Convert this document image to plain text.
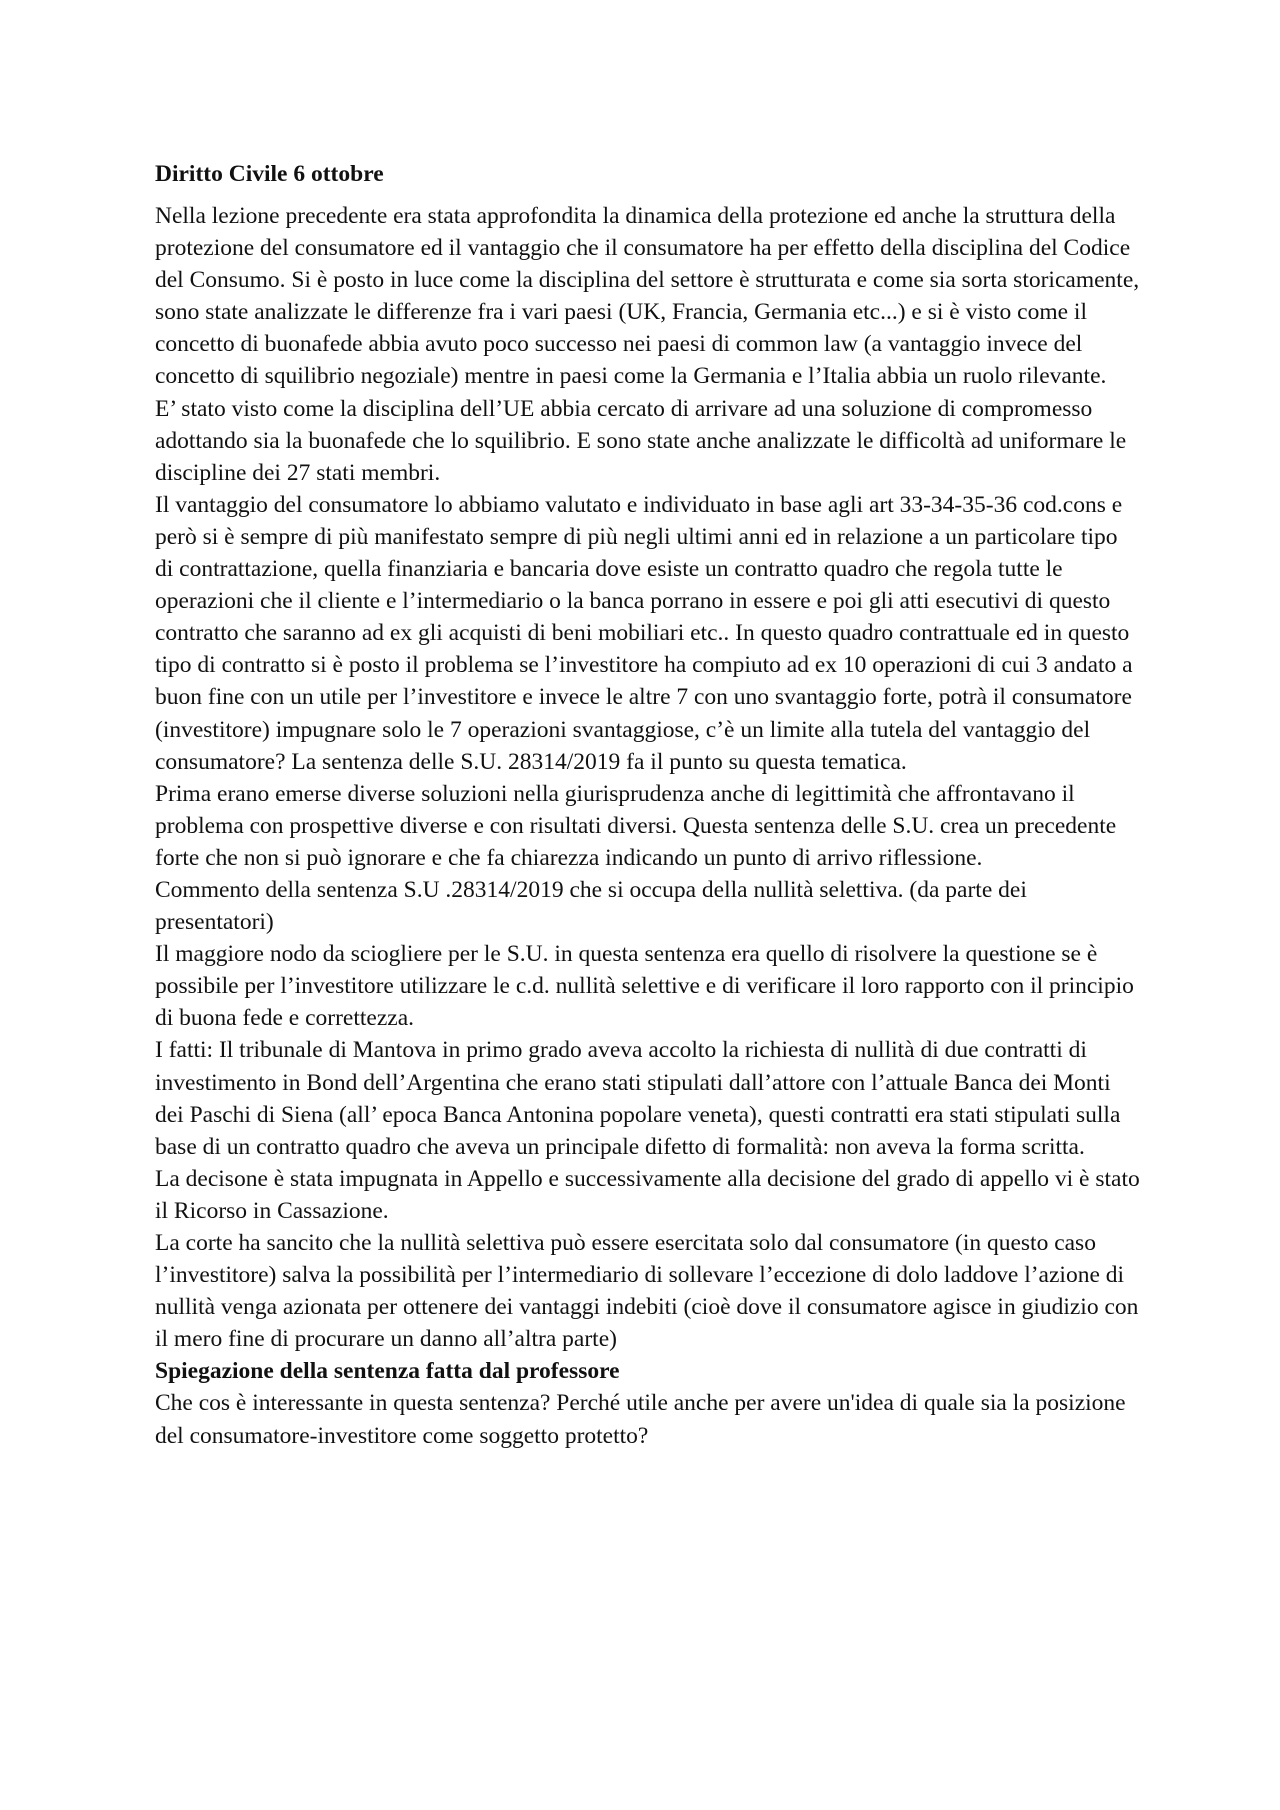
Diritto Civile 6 ottobre

Nella lezione precedente era stata approfondita la dinamica della protezione ed anche la struttura della protezione del consumatore ed il vantaggio che il consumatore ha per effetto della disciplina del Codice del Consumo. Si è posto in luce come la disciplina del settore è strutturata e come sia sorta storicamente, sono state analizzate le differenze fra i vari paesi (UK, Francia, Germania etc...) e si è visto come il concetto di buonafede abbia avuto poco successo nei paesi di common law (a vantaggio invece del concetto di squilibrio negoziale) mentre in paesi come la Germania e l’Italia abbia un ruolo rilevante.

E’ stato visto come la disciplina dell’UE abbia cercato di arrivare ad una soluzione di compromesso adottando sia la buonafede che lo squilibrio. E sono state anche analizzate le difficoltà ad uniformare le discipline dei 27 stati membri.

Il vantaggio del consumatore lo abbiamo valutato e individuato in base agli art 33-34-35-36 cod.cons e però si è sempre di più manifestato sempre di più negli ultimi anni ed in relazione a un particolare tipo di contrattazione, quella finanziaria e bancaria dove esiste un contratto quadro che regola tutte le operazioni che il cliente e l’intermediario o la banca porrano in essere e poi gli atti esecutivi di questo contratto che saranno ad ex gli acquisti di beni mobiliari etc.. In questo quadro contrattuale ed in questo tipo di contratto si è posto il problema se l’investitore ha compiuto ad ex 10 operazioni di cui 3 andato a buon fine con un utile per l’investitore e invece le altre 7 con uno svantaggio forte, potrà il consumatore (investitore) impugnare solo le 7 operazioni svantaggiose, c’è un limite alla tutela del vantaggio del consumatore? La sentenza delle S.U. 28314/2019 fa il punto su questa tematica.

Prima erano emerse diverse soluzioni nella giurisprudenza anche di legittimità che affrontavano il problema con prospettive diverse e con risultati diversi. Questa sentenza delle S.U. crea un precedente forte che non si può ignorare e che fa chiarezza indicando un punto di arrivo riflessione.

Commento della sentenza S.U .28314/2019 che si occupa della nullità selettiva. (da parte dei presentatori)

Il maggiore nodo da sciogliere per le S.U. in questa sentenza era quello di risolvere la questione se è possibile per l’investitore utilizzare le c.d. nullità selettive e di verificare il loro rapporto con il principio di buona fede e correttezza.

I fatti: Il tribunale di Mantova in primo grado aveva accolto la richiesta di nullità di due contratti di investimento in Bond dell’Argentina che erano stati stipulati dall’attore con l’attuale Banca dei Monti dei Paschi di Siena (all’ epoca Banca Antonina popolare veneta), questi contratti era stati stipulati sulla base di un contratto quadro che aveva un principale difetto di formalità: non aveva la forma scritta.

La decisone è stata impugnata in Appello e successivamente alla decisione del grado di appello vi è stato il Ricorso in Cassazione.

La corte ha sancito che la nullità selettiva può essere esercitata solo dal consumatore (in questo caso l’investitore) salva la possibilità per l’intermediario di sollevare l’eccezione di dolo laddove l’azione di nullità venga azionata per ottenere dei vantaggi indebiti (cioè dove il consumatore agisce in giudizio con il mero fine di procurare un danno all’altra parte)

Spiegazione della sentenza fatta dal professore

Che cos è interessante in questa sentenza? Perché utile anche per avere un'idea di quale sia la posizione del consumatore-investitore come soggetto protetto?
